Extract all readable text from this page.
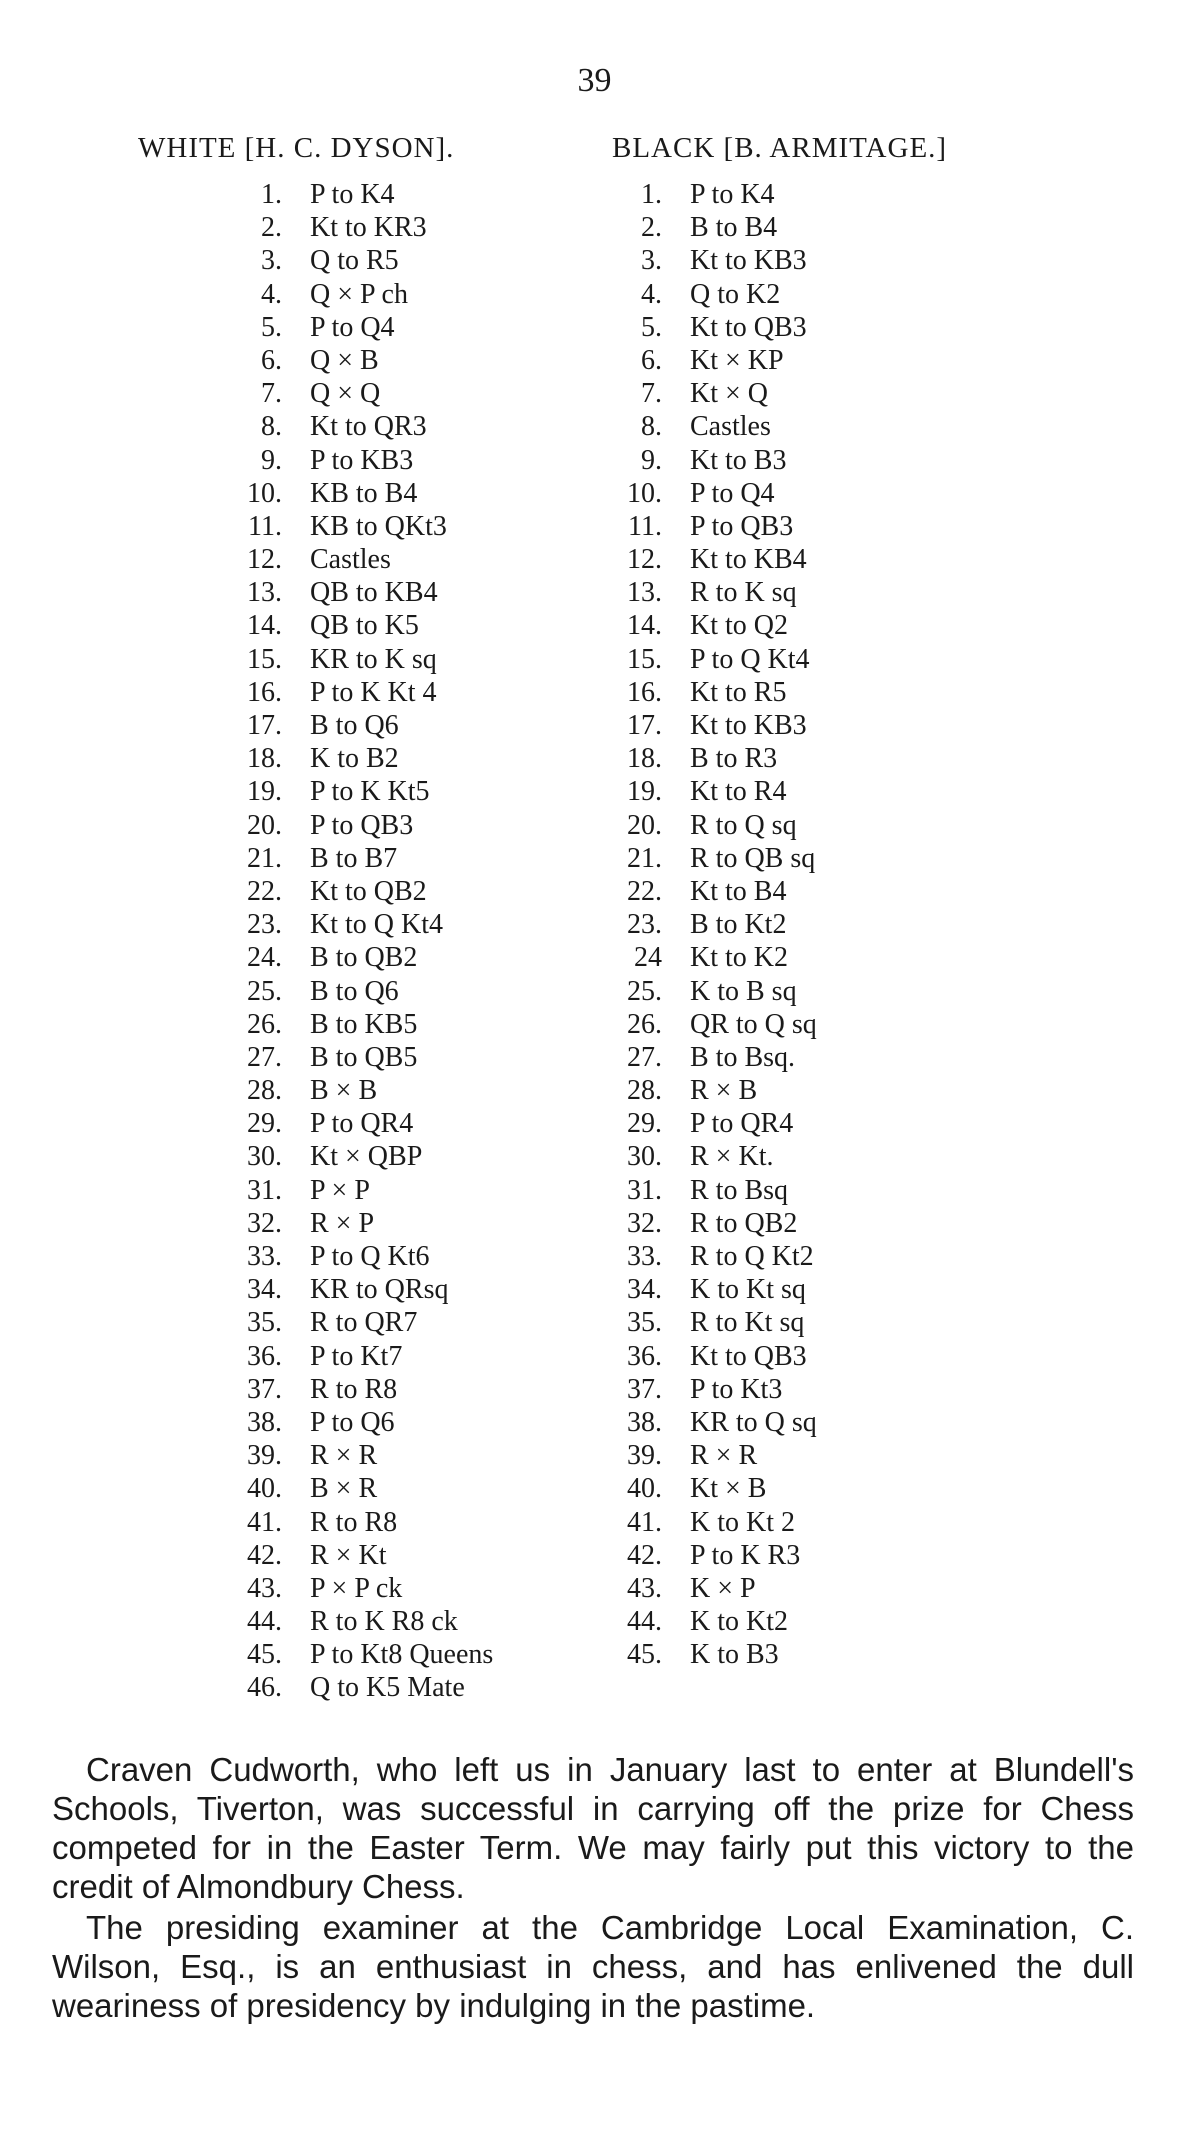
39
WHITE [H. C. DYSON].	BLACK [B. ARMITAGE.]
1. P to K4
2. Kt to KR3
3. Q to R5
4. Q × P ch
5. P to Q4
6. Q × B
7. Q × Q
8. Kt to QR3
9. P to KB3
10. KB to B4
11. KB to QKt3
12. Castles
13. QB to KB4
14. QB to K5
15. KR to K sq
16. P to K Kt 4
17. B to Q6
18. K to B2
19. P to K Kt5
20. P to QB3
21. B to B7
22. Kt to QB2
23. Kt to Q Kt4
24. B to QB2
25. B to Q6
26. B to KB5
27. B to QB5
28. B × B
29. P to QR4
30. Kt × QBP
31. P × P
32. R × P
33. P to Q Kt6
34. KR to QRsq
35. R to QR7
36. P to Kt7
37. R to R8
38. P to Q6
39. R × R
40. B × R
41. R to R8
42. R × Kt
43. P × P ck
44. R to K R8 ck
45. P to Kt8 Queens
46. Q to K5 Mate
1. P to K4
2. B to B4
3. Kt to KB3
4. Q to K2
5. Kt to QB3
6. Kt × KP
7. Kt × Q
8. Castles
9. Kt to B3
10. P to Q4
11. P to QB3
12. Kt to KB4
13. R to K sq
14. Kt to Q2
15. P to Q Kt4
16. Kt to R5
17. Kt to KB3
18. B to R3
19. Kt to R4
20. R to Q sq
21. R to QB sq
22. Kt to B4
23. B to Kt2
24 Kt to K2
25. K to B sq
26. QR to Q sq
27. B to Bsq.
28. R × B
29. P to QR4
30. R × Kt.
31. R to Bsq
32. R to QB2
33. R to Q Kt2
34. K to Kt sq
35. R to Kt sq
36. Kt to QB3
37. P to Kt3
38. KR to Q sq
39. R × R
40. Kt × B
41. K to Kt 2
42. P to K R3
43. K × P
44. K to Kt2
45. K to B3

Craven Cudworth, who left us in January last to enter at Blundell's Schools, Tiverton, was successful in carrying off the prize for Chess competed for in the Easter Term. We may fairly put this victory to the credit of Almondbury Chess.

The presiding examiner at the Cambridge Local Examination, C. Wilson, Esq., is an enthusiast in chess, and has enlivened the dull weariness of presidency by indulging in the pastime.
